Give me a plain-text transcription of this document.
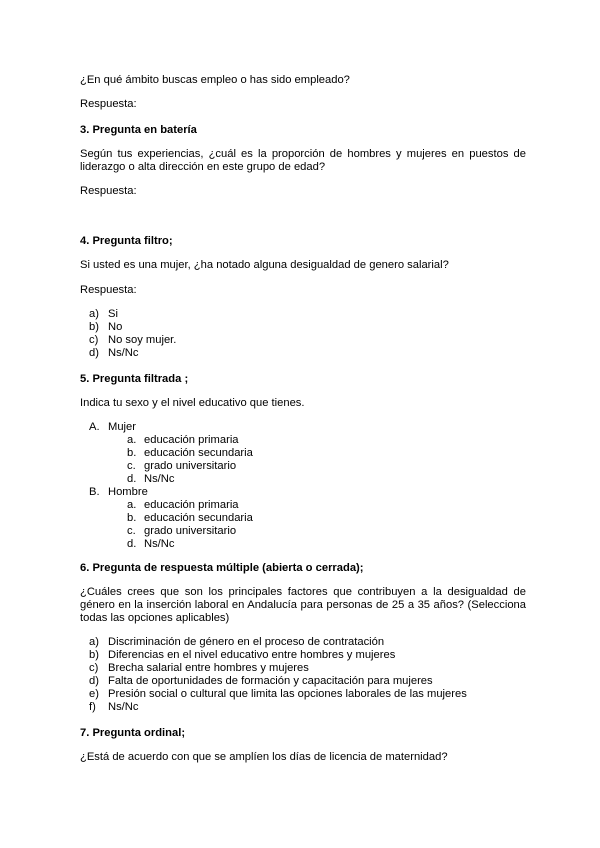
¿En qué ámbito buscas empleo o has sido empleado?
Respuesta:
3. Pregunta en batería
Según tus experiencias, ¿cuál es la proporción de hombres y mujeres en puestos de
liderazgo o alta dirección en este grupo de edad?
Respuesta:
4. Pregunta filtro;
Si usted es una mujer, ¿ha notado alguna desigualdad de genero salarial?
Respuesta:
a) Si
b) No
c) No soy mujer.
d) Ns/Nc
5. Pregunta filtrada ;
Indica tu sexo y el nivel educativo que tienes.
A. Mujer
a. educación primaria
b. educación secundaria
c. grado universitario
d. Ns/Nc
B. Hombre
a. educación primaria
b. educación secundaria
c. grado universitario
d. Ns/Nc
6. Pregunta de respuesta múltiple (abierta o cerrada);
¿Cuáles crees que son los principales factores que contribuyen a la desigualdad de
género en la inserción laboral en Andalucía para personas de 25 a 35 años? (Selecciona
todas las opciones aplicables)
a) Discriminación de género en el proceso de contratación
b) Diferencias en el nivel educativo entre hombres y mujeres
c) Brecha salarial entre hombres y mujeres
d) Falta de oportunidades de formación y capacitación para mujeres
e) Presión social o cultural que limita las opciones laborales de las mujeres
f) Ns/Nc
7. Pregunta ordinal;
¿Está de acuerdo con que se amplíen los días de licencia de maternidad?
